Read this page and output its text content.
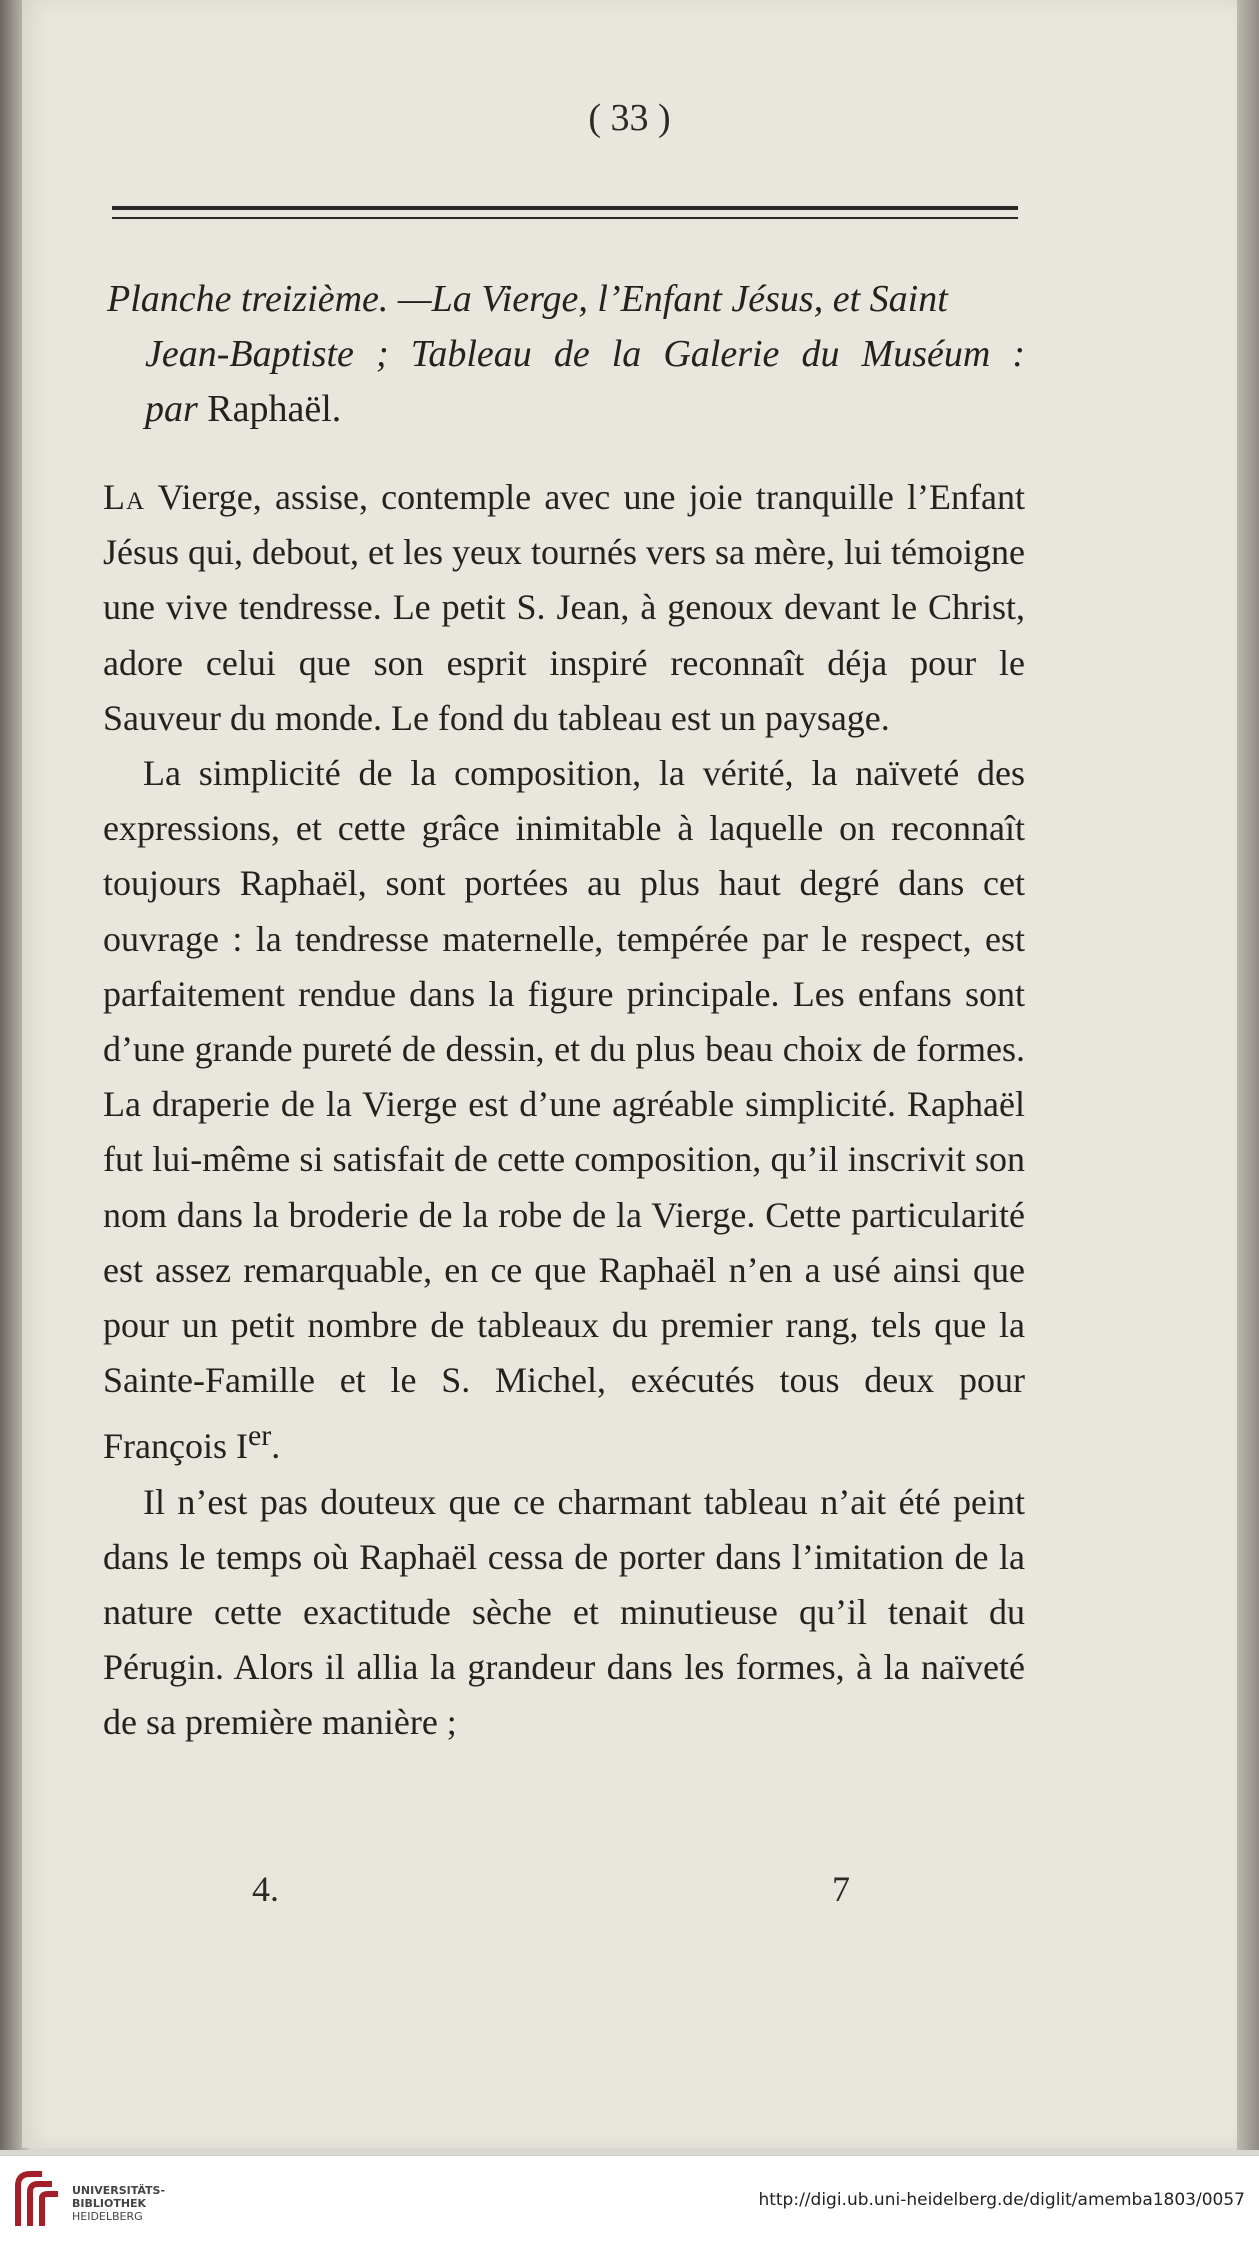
( 33 )
Planche treizième. —La Vierge, l’Enfant Jésus, et Saint
Jean-Baptiste ; Tableau de la Galerie du Muséum :
par Raphaël.

La Vierge, assise, contemple avec une joie tranquille l’Enfant Jésus qui, debout, et les yeux tournés vers sa mère, lui témoigne une vive tendresse. Le petit S. Jean, à genoux devant le Christ, adore celui que son esprit inspiré reconnaît déja pour le Sauveur du monde. Le fond du tableau est un paysage.

La simplicité de la composition, la vérité, la naïveté des expressions, et cette grâce inimitable à laquelle on reconnaît toujours Raphaël, sont portées au plus haut degré dans cet ouvrage : la tendresse maternelle, tempérée par le respect, est parfaitement rendue dans la figure principale. Les enfans sont d’une grande pureté de dessin, et du plus beau choix de formes. La draperie de la Vierge est d’une agréable simplicité. Raphaël fut lui-même si satisfait de cette composition, qu’il inscrivit son nom dans la broderie de la robe de la Vierge. Cette particularité est assez remarquable, en ce que Raphaël n’en a usé ainsi que pour un petit nombre de tableaux du premier rang, tels que la Sainte-Famille et le S. Michel, exécutés tous deux pour François Ier.

Il n’est pas douteux que ce charmant tableau n’ait été peint dans le temps où Raphaël cessa de porter dans l’imitation de la nature cette exactitude sèche et minutieuse qu’il tenait du Pérugin. Alors il allia la grandeur dans les formes, à la naïveté de sa première manière ;

4.	7
UNIVERSITÄTS-
BIBLIOTHEK
HEIDELBERG
http://digi.ub.uni-heidelberg.de/diglit/amemba1803/0057
